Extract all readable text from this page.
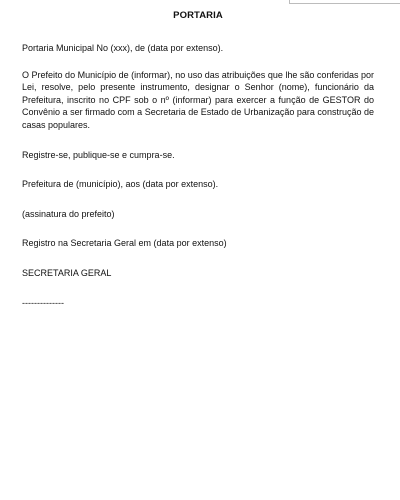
PORTARIA

Portaria Municipal No (xxx), de (data por extenso).

O Prefeito do Município de (informar), no uso das atribuições que lhe são conferidas por Lei, resolve, pelo presente instrumento, designar o Senhor (nome), funcionário da Prefeitura, inscrito no CPF sob o nº (informar) para exercer a função de GESTOR do Convênio a ser firmado com a Secretaria de Estado de Urbanização para construção de casas populares.

Registre-se, publique-se e cumpra-se.

Prefeitura de (município), aos (data por extenso).

(assinatura do prefeito)

Registro na Secretaria Geral em (data por extenso)

SECRETARIA GERAL

--------------
